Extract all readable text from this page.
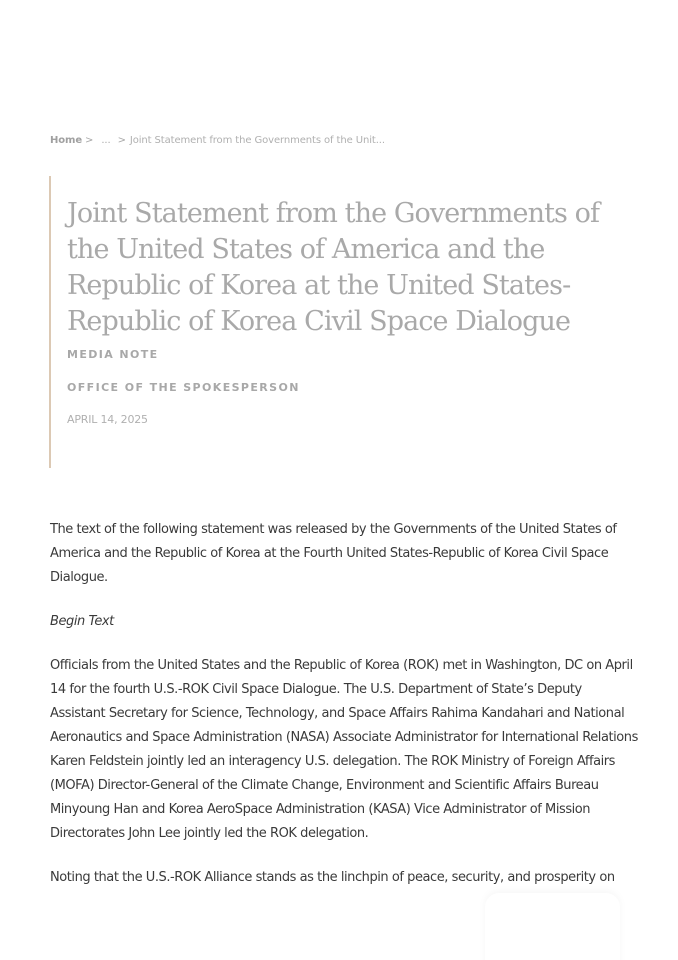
Home > ... > Joint Statement from the Governments of the Unit...
Joint Statement from the Governments of the United States of America and the Republic of Korea at the United States-Republic of Korea Civil Space Dialogue
MEDIA NOTE
OFFICE OF THE SPOKESPERSON
APRIL 14, 2025

The text of the following statement was released by the Governments of the United States of America and the Republic of Korea at the Fourth United States-Republic of Korea Civil Space Dialogue.

Begin Text

Officials from the United States and the Republic of Korea (ROK) met in Washington, DC on April 14 for the fourth U.S.-ROK Civil Space Dialogue. The U.S. Department of State’s Deputy Assistant Secretary for Science, Technology, and Space Affairs Rahima Kandahari and National Aeronautics and Space Administration (NASA) Associate Administrator for International Relations Karen Feldstein jointly led an interagency U.S. delegation. The ROK Ministry of Foreign Affairs (MOFA) Director-General of the Climate Change, Environment and Scientific Affairs Bureau Minyoung Han and Korea AeroSpace Administration (KASA) Vice Administrator of Mission Directorates John Lee jointly led the ROK delegation.

Noting that the U.S.-ROK Alliance stands as the linchpin of peace, security, and prosperity on
